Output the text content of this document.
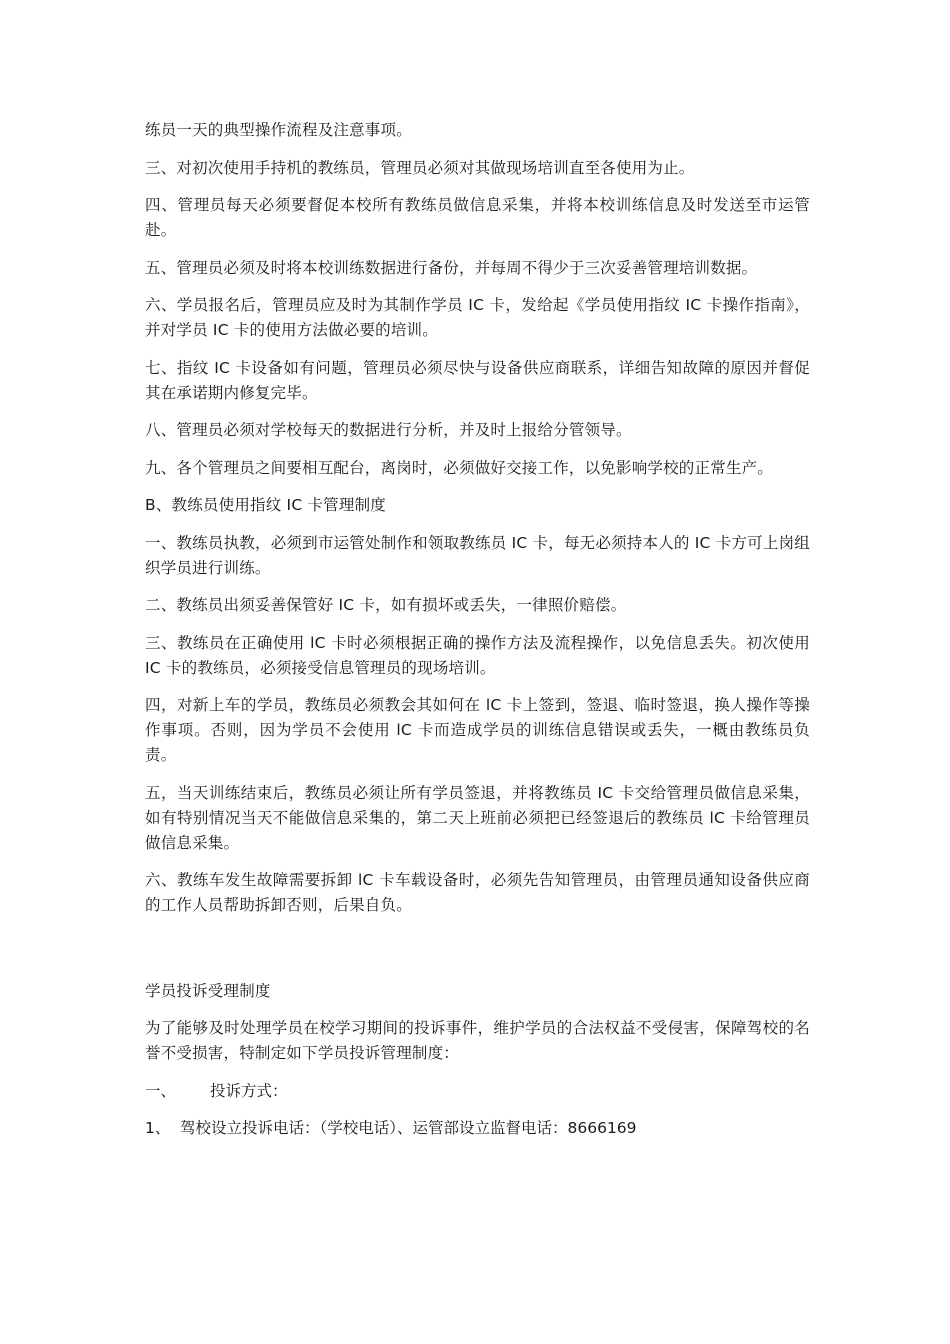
练员一天的典型操作流程及注意事项。

三、对初次使用手持机的教练员，管理员必须对其做现场培训直至各使用为止。

四、管理员每天必须要督促本校所有教练员做信息采集，并将本校训练信息及时发送至市运管赴。

五、管理员必须及时将本校训练数据进行备份，并每周不得少于三次妥善管理培训数据。

六、学员报名后，管理员应及时为其制作学员 IC 卡，发给起《学员使用指纹 IC 卡操作指南》，并对学员 IC 卡的使用方法做必要的培训。

七、指纹 IC 卡设备如有问题，管理员必须尽快与设备供应商联系，详细告知故障的原因并督促其在承诺期内修复完毕。

八、管理员必须对学校每天的数据进行分析，并及时上报给分管领导。

九、各个管理员之间要相互配台，离岗时，必须做好交接工作，以免影响学校的正常生产。

B、教练员使用指纹 IC 卡管理制度

一、教练员执教，必须到市运管处制作和领取教练员 IC 卡，每无必须持本人的 IC 卡方可上岗组织学员进行训练。

二、教练员出须妥善保管好 IC 卡，如有损坏或丢失，一律照价赔偿。

三、教练员在正确使用 lC 卡时必须根据正确的操作方法及流程操作，以免信息丢失。初次使用 IC 卡的教练员，必须接受信息管理员的现场培训。

四，对新上车的学员，教练员必须教会其如何在 lC 卡上签到，签退、临时签退，换人操作等操作事项。否则，因为学员不会使用 lC 卡而造成学员的训练信息错误或丢失，一概由教练员负责。

五，当天训练结束后，教练员必须让所有学员签退，并将教练员 IC 卡交给管理员做信息采集，如有特别情况当天不能做信息采集的，第二天上班前必须把已经签退后的教练员 lC 卡给管理员做信息采集。

六、教练车发生故障需要拆卸 lC 卡车载设备时，必须先告知管理员，由管理员通知设备供应商的工作人员帮助拆卸否则，后果自负。

学员投诉受理制度

为了能够及时处理学员在校学习期间的投诉事件，维护学员的合法权益不受侵害，保障驾校的名誉不受损害，特制定如下学员投诉管理制度：

一、	投诉方式：
1、 驾校设立投诉电话：（学校电话）、运管部设立监督电话：8666169
